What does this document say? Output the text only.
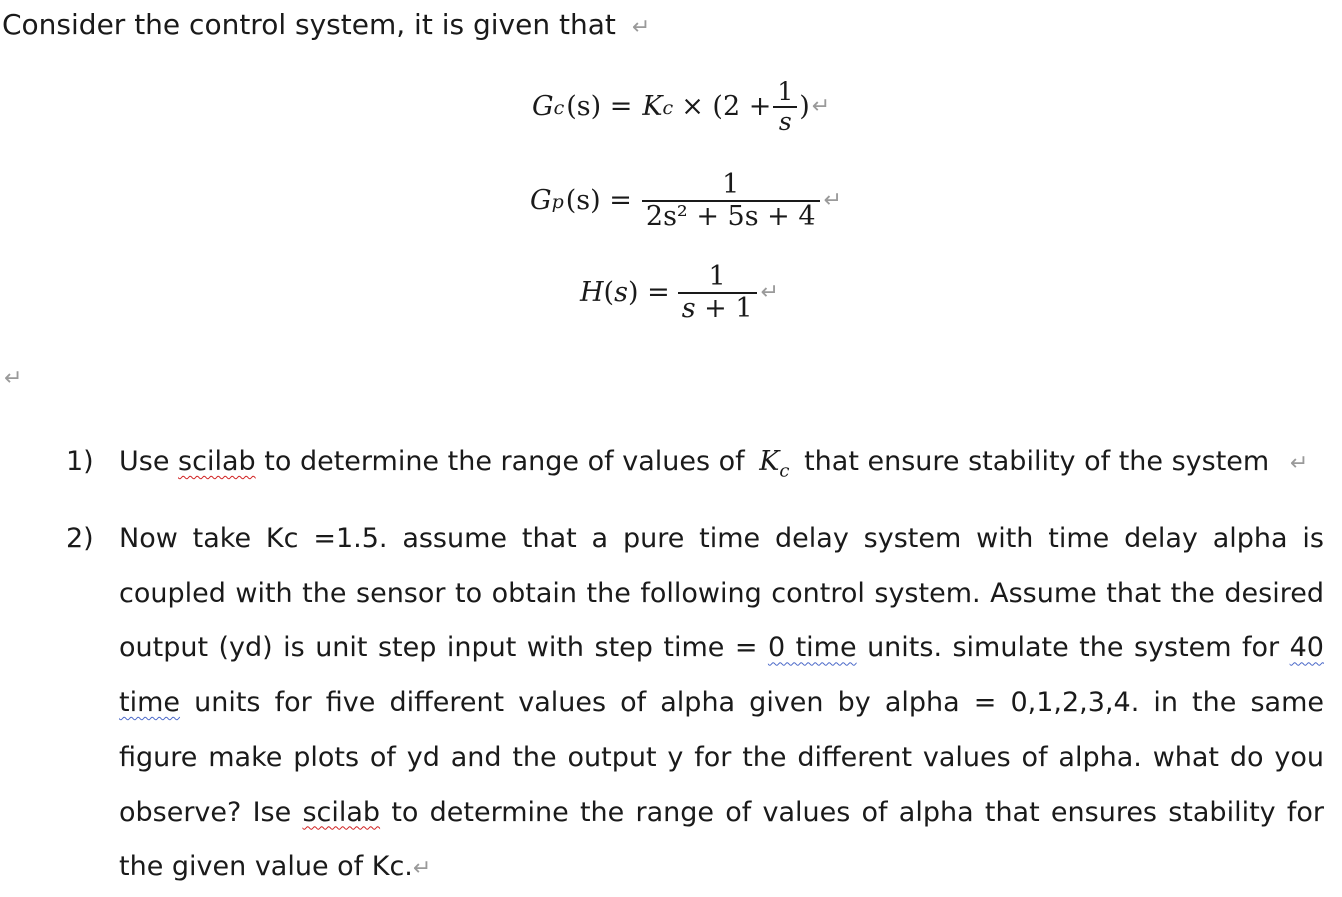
Consider the control system, it is given that ↵
G c (s) = K $c \times (2 + \frac{1}{s}$ ) ↵
G p $(s) = \frac{1}{\text{2s² + 5s + 4}}$ ↵
$H(s) = \frac{1}{s + 1}$ ↵
↵
1) Use scilab to determine the range of values of $K_c$ that ensure stability of the system ↵
2) Now take Kc =1.5. assume that a pure time delay system with time delay alpha is coupled with the sensor to obtain the following control system. Assume that the desired output (yd) is unit step input with step time = 0 time units. simulate the system for 40 time units for five different values of alpha given by alpha = 0,1,2,3,4. in the same figure make plots of yd and the output y for the different values of alpha. what do you observe? Ise scilab to determine the range of values of alpha that ensures stability for the given value of Kc.↵
